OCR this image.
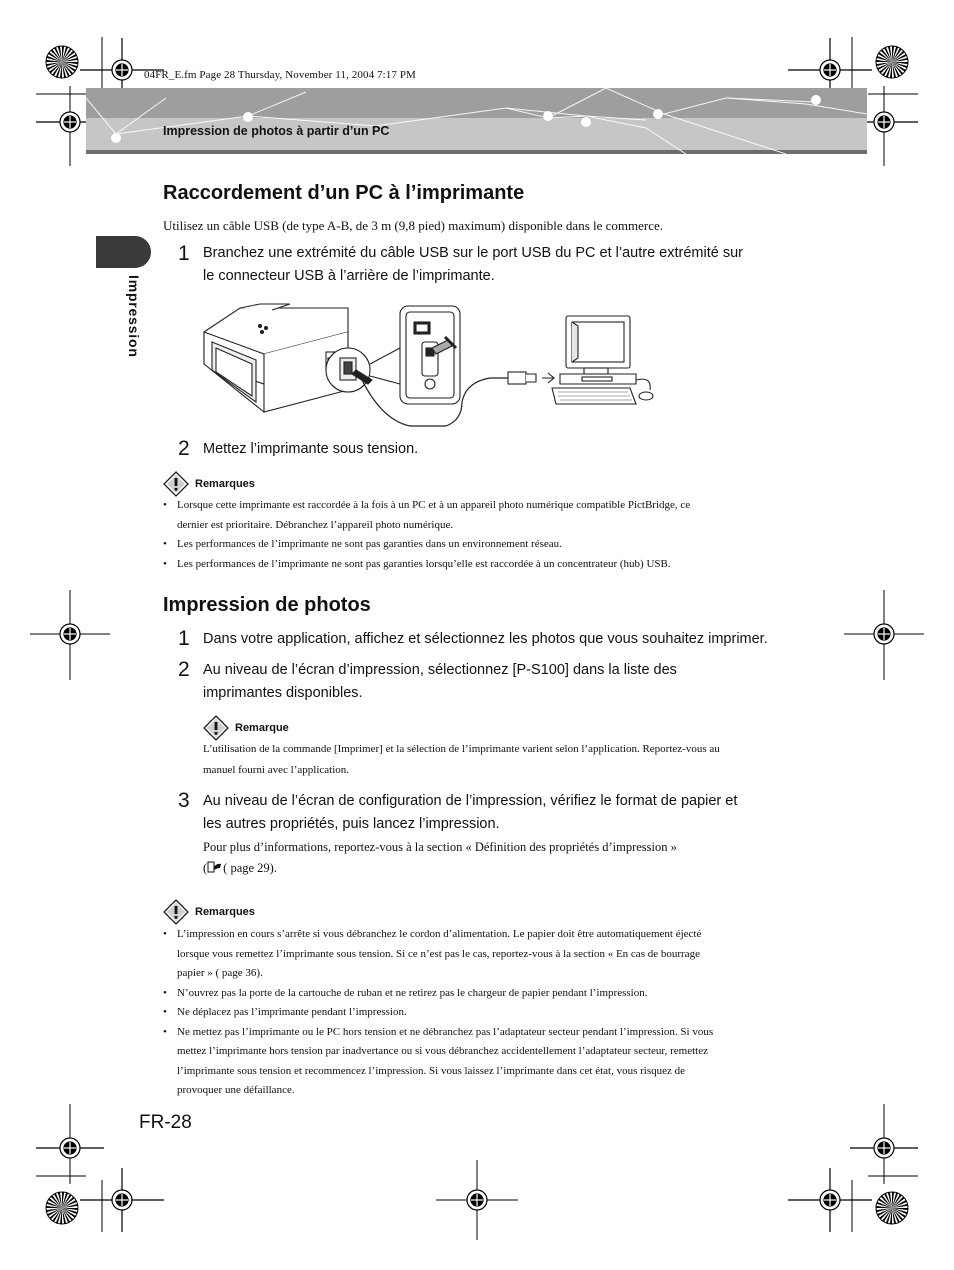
04FR_E.fm Page 28 Thursday, November 11, 2004 7:17 PM
Impression de photos à partir d’un PC
Impression
Raccordement d’un PC à l’imprimante
Utilisez un câble USB (de type A-B, de 3 m (9,8 pied) maximum) disponible dans le commerce.
1 Branchez une extrémité du câble USB sur le port USB du PC et l’autre extrémité sur
le connecteur USB à l’arrière de l’imprimante.
2 Mettez l’imprimante sous tension.
Remarques
• Lorsque cette imprimante est raccordée à la fois à un PC et à un appareil photo numérique compatible PictBridge, ce
dernier est prioritaire. Débranchez l’appareil photo numérique.
• Les performances de l’imprimante ne sont pas garanties dans un environnement réseau.
• Les performances de l’imprimante ne sont pas garanties lorsqu’elle est raccordée à un concentrateur (hub) USB.
Impression de photos
1 Dans votre application, affichez et sélectionnez les photos que vous souhaitez imprimer.
2 Au niveau de l’écran d’impression, sélectionnez [P-S100] dans la liste des
imprimantes disponibles.
Remarque
L’utilisation de la commande [Imprimer] et la sélection de l’imprimante varient selon l’application. Reportez-vous au
manuel fourni avec l’application.
3 Au niveau de l’écran de configuration de l’impression, vérifiez le format de papier et
les autres propriétés, puis lancez l’impression.
Pour plus d’informations, reportez-vous à la section « Définition des propriétés d’impression »
( ( page 29).
Remarques
• L’impression en cours s’arrête si vous débranchez le cordon d’alimentation. Le papier doit être automatiquement éjecté
lorsque vous remettez l’imprimante sous tension. Si ce n’est pas le cas, reportez-vous à la section « En cas de bourrage
papier » ( page 36).
• N’ouvrez pas la porte de la cartouche de ruban et ne retirez pas le chargeur de papier pendant l’impression.
• Ne déplacez pas l’imprimante pendant l’impression.
• Ne mettez pas l’imprimante ou le PC hors tension et ne débranchez pas l’adaptateur secteur pendant l’impression. Si vous
mettez l’imprimante hors tension par inadvertance ou si vous débranchez accidentellement l’adaptateur secteur, remettez
l’imprimante sous tension et recommencez l’impression. Si vous laissez l’imprimante dans cet état, vous risquez de
provoquer une défaillance.
FR-28
